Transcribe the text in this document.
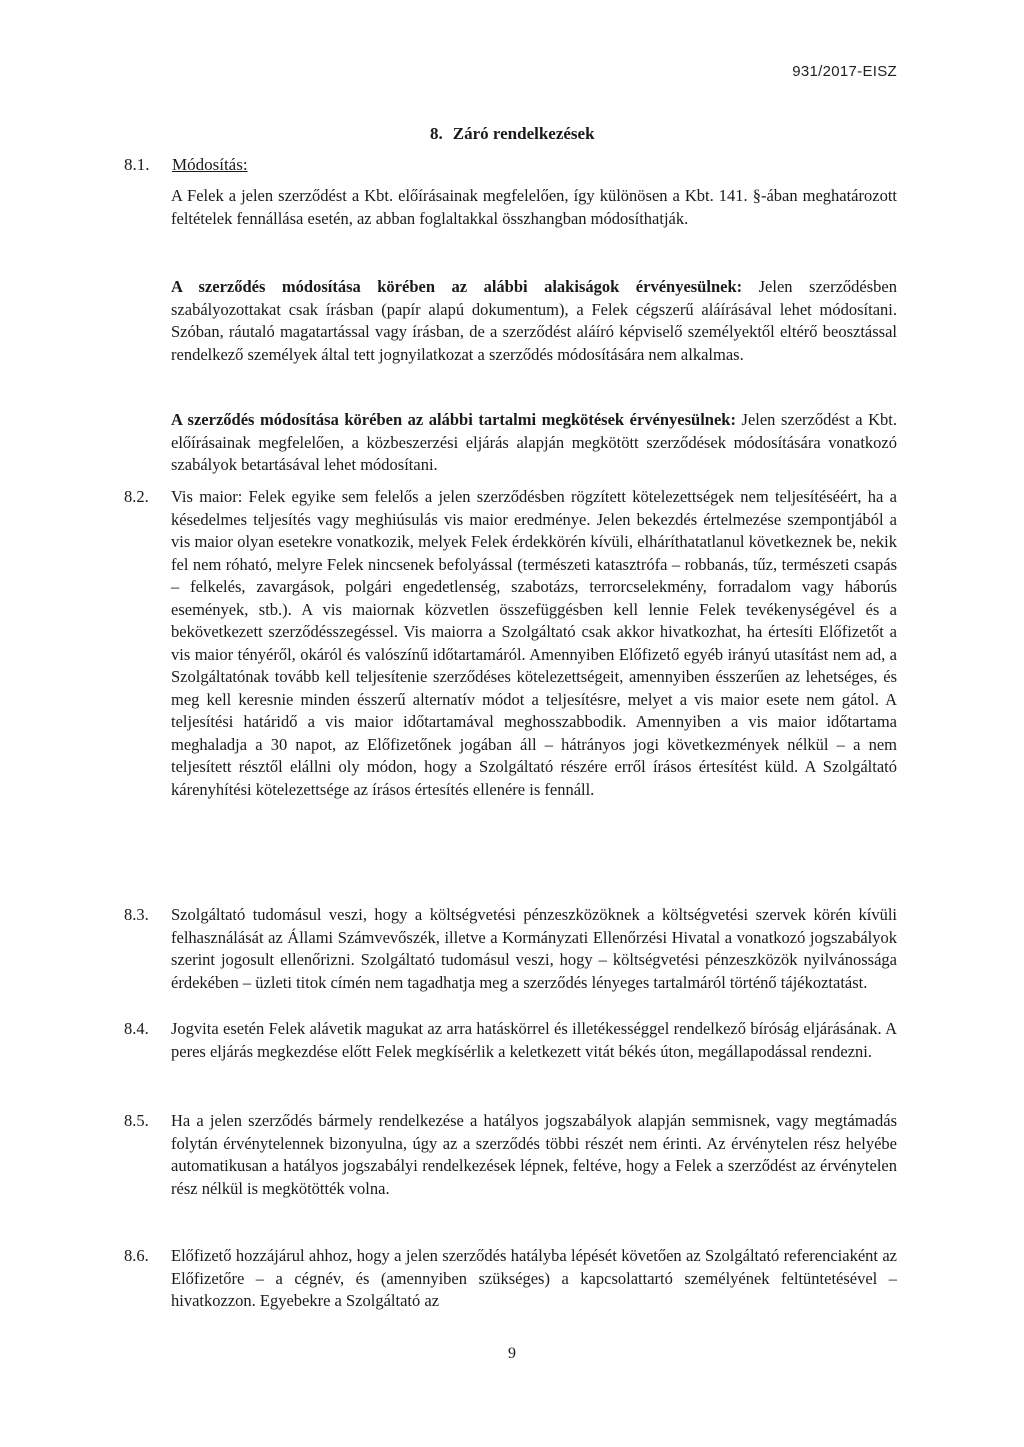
931/2017-EISZ
8. Záró rendelkezések
8.1. Módosítás:

A Felek a jelen szerződést a Kbt. előírásainak megfelelően, így különösen a Kbt. 141. §-ában meghatározott feltételek fennállása esetén, az abban foglaltakkal összhangban módosíthatják.

A szerződés módosítása körében az alábbi alakiságok érvényesülnek: Jelen szerződésben szabályozottakat csak írásban (papír alapú dokumentum), a Felek cégszerű aláírásával lehet módosítani. Szóban, ráutaló magatartással vagy írásban, de a szerződést aláíró képviselő személyektől eltérő beosztással rendelkező személyek által tett jognyilatkozat a szerződés módosítására nem alkalmas.

A szerződés módosítása körében az alábbi tartalmi megkötések érvényesülnek: Jelen szerződést a Kbt. előírásainak megfelelően, a közbeszerzési eljárás alapján megkötött szerződések módosítására vonatkozó szabályok betartásával lehet módosítani.

8.2. Vis maior: Felek egyike sem felelős a jelen szerződésben rögzített kötelezettségek nem teljesítéséért, ha a késedelmes teljesítés vagy meghiúsulás vis maior eredménye. Jelen bekezdés értelmezése szempontjából a vis maior olyan esetekre vonatkozik, melyek Felek érdekkörén kívüli, elháríthatatlanul következnek be, nekik fel nem róható, melyre Felek nincsenek befolyással (természeti katasztrófa – robbanás, tűz, természeti csapás – felkelés, zavargások, polgári engedetlenség, szabotázs, terrorcselekmény, forradalom vagy háborús események, stb.). A vis maiornak közvetlen összefüggésben kell lennie Felek tevékenységével és a bekövetkezett szerződésszegéssel. Vis maiorra a Szolgáltató csak akkor hivatkozhat, ha értesíti Előfizetőt a vis maior tényéről, okáról és valószínű időtartamáról. Amennyiben Előfizető egyéb irányú utasítást nem ad, a Szolgáltatónak tovább kell teljesítenie szerződéses kötelezettségeit, amennyiben ésszerűen az lehetséges, és meg kell keresnie minden ésszerű alternatív módot a teljesítésre, melyet a vis maior esete nem gátol. A teljesítési határidő a vis maior időtartamával meghosszabbodik. Amennyiben a vis maior időtartama meghaladja a 30 napot, az Előfizetőnek jogában áll – hátrányos jogi következmények nélkül – a nem teljesített résztől elállni oly módon, hogy a Szolgáltató részére erről írásos értesítést küld. A Szolgáltató kárenyhítési kötelezettsége az írásos értesítés ellenére is fennáll.
8.3. Szolgáltató tudomásul veszi, hogy a költségvetési pénzeszközöknek a költségvetési szervek körén kívüli felhasználását az Állami Számvevőszék, illetve a Kormányzati Ellenőrzési Hivatal a vonatkozó jogszabályok szerint jogosult ellenőrizni. Szolgáltató tudomásul veszi, hogy – költségvetési pénzeszközök nyilvánossága érdekében – üzleti titok címén nem tagadhatja meg a szerződés lényeges tartalmáról történő tájékoztatást.
8.4. Jogvita esetén Felek alávetik magukat az arra hatáskörrel és illetékességgel rendelkező bíróság eljárásának. A peres eljárás megkezdése előtt Felek megkísérlik a keletkezett vitát békés úton, megállapodással rendezni.
8.5. Ha a jelen szerződés bármely rendelkezése a hatályos jogszabályok alapján semmisnek, vagy megtámadás folytán érvénytelennek bizonyulna, úgy az a szerződés többi részét nem érinti. Az érvénytelen rész helyébe automatikusan a hatályos jogszabályi rendelkezések lépnek, feltéve, hogy a Felek a szerződést az érvénytelen rész nélkül is megkötötték volna.
8.6. Előfizető hozzájárul ahhoz, hogy a jelen szerződés hatályba lépését követően az Szolgáltató referenciaként az Előfizetőre – a cégnév, és (amennyiben szükséges) a kapcsolattartó személyének feltüntetésével – hivatkozzon. Egyebekre a Szolgáltató az
9
